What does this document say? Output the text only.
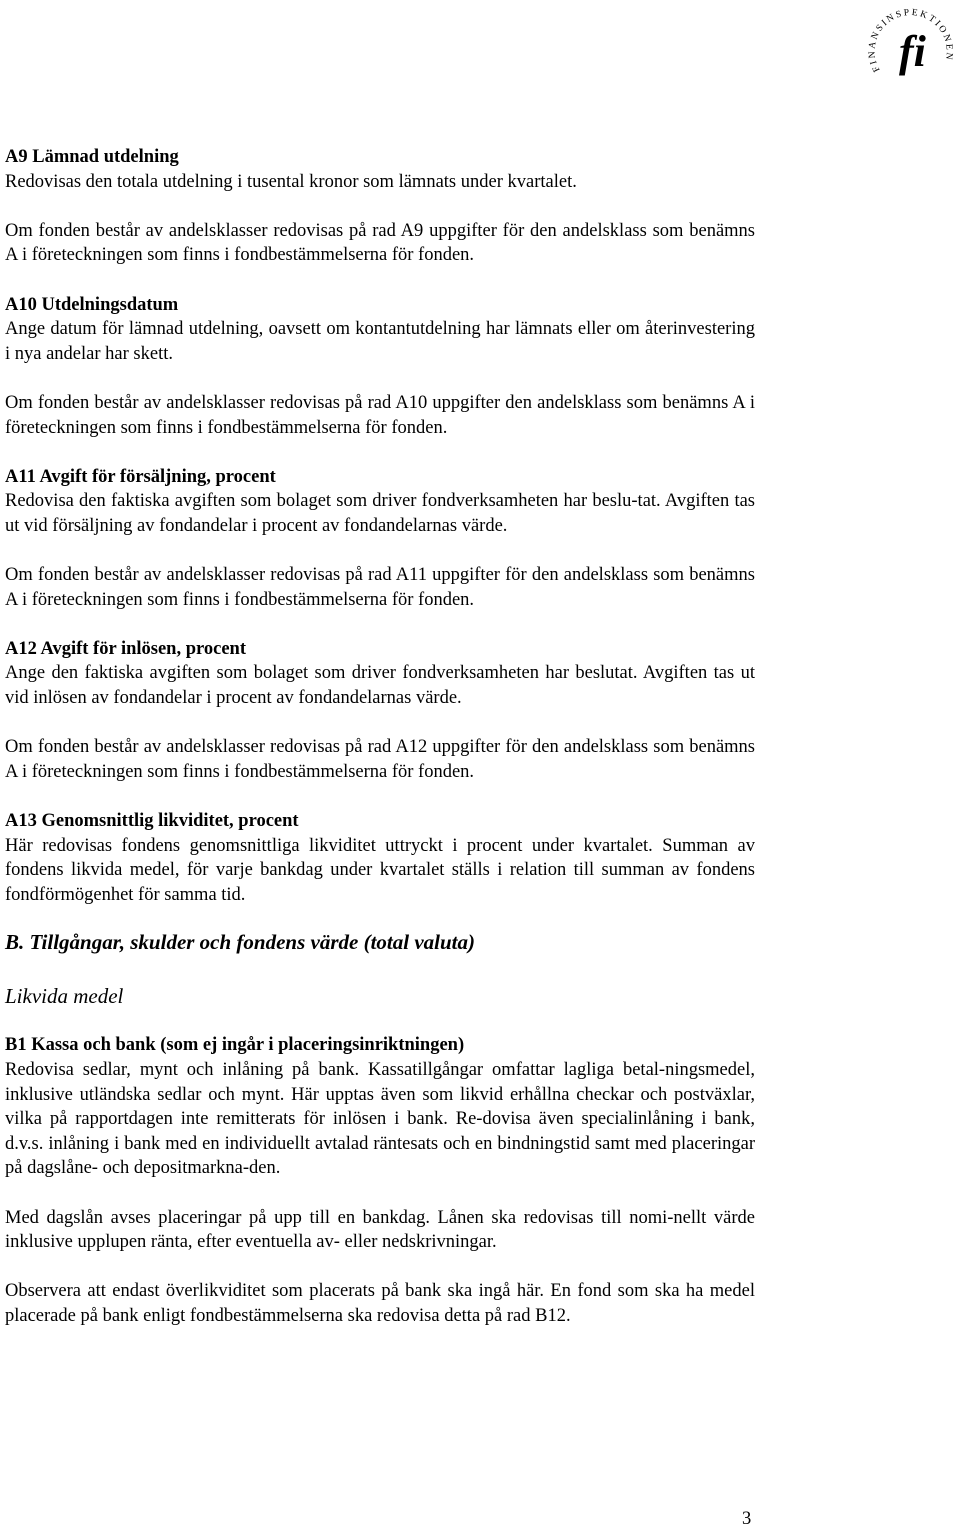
FINANSINSPEKTIONEN
fi

A9 Lämnad utdelning

Redovisas den totala utdelning i tusental kronor som lämnats under kvartalet.

Om fonden består av andelsklasser redovisas på rad A9 uppgifter för den andelsklass som benämns A i företeckningen som finns i fondbestämmelserna för fonden.

A10 Utdelningsdatum

Ange datum för lämnad utdelning, oavsett om kontantutdelning har lämnats eller om återinvestering i nya andelar har skett.

Om fonden består av andelsklasser redovisas på rad A10 uppgifter den andelsklass som benämns A i företeckningen som finns i fondbestämmelserna för fonden.

A11 Avgift för försäljning, procent

Redovisa den faktiska avgiften som bolaget som driver fondverksamheten har beslu-tat. Avgiften tas ut vid försäljning av fondandelar i procent av fondandelarnas värde.

Om fonden består av andelsklasser redovisas på rad A11 uppgifter för den andelsklass som benämns A i företeckningen som finns i fondbestämmelserna för fonden.

A12 Avgift för inlösen, procent

Ange den faktiska avgiften som bolaget som driver fondverksamheten har beslutat. Avgiften tas ut vid inlösen av fondandelar i procent av fondandelarnas värde.

Om fonden består av andelsklasser redovisas på rad A12 uppgifter för den andelsklass som benämns A i företeckningen som finns i fondbestämmelserna för fonden.

A13 Genomsnittlig likviditet, procent

Här redovisas fondens genomsnittliga likviditet uttryckt i procent under kvartalet. Summan av fondens likvida medel, för varje bankdag under kvartalet ställs i relation till summan av fondens fondförmögenhet för samma tid.

B. Tillgångar, skulder och fondens värde (total valuta)

Likvida medel

B1 Kassa och bank (som ej ingår i placeringsinriktningen)

Redovisa sedlar, mynt och inlåning på bank. Kassatillgångar omfattar lagliga betal-ningsmedel, inklusive utländska sedlar och mynt. Här upptas även som likvid erhållna checkar och postväxlar, vilka på rapportdagen inte remitterats för inlösen i bank. Re-dovisa även specialinlåning i bank, d.v.s. inlåning i bank med en individuellt avtalad räntesats och en bindningstid samt med placeringar på dagslåne- och depositmarkna-den.

Med dagslån avses placeringar på upp till en bankdag. Lånen ska redovisas till nomi-nellt värde inklusive upplupen ränta, efter eventuella av- eller nedskrivningar.

Observera att endast överlikviditet som placerats på bank ska ingå här. En fond som ska ha medel placerade på bank enligt fondbestämmelserna ska redovisa detta på rad B12.

3
